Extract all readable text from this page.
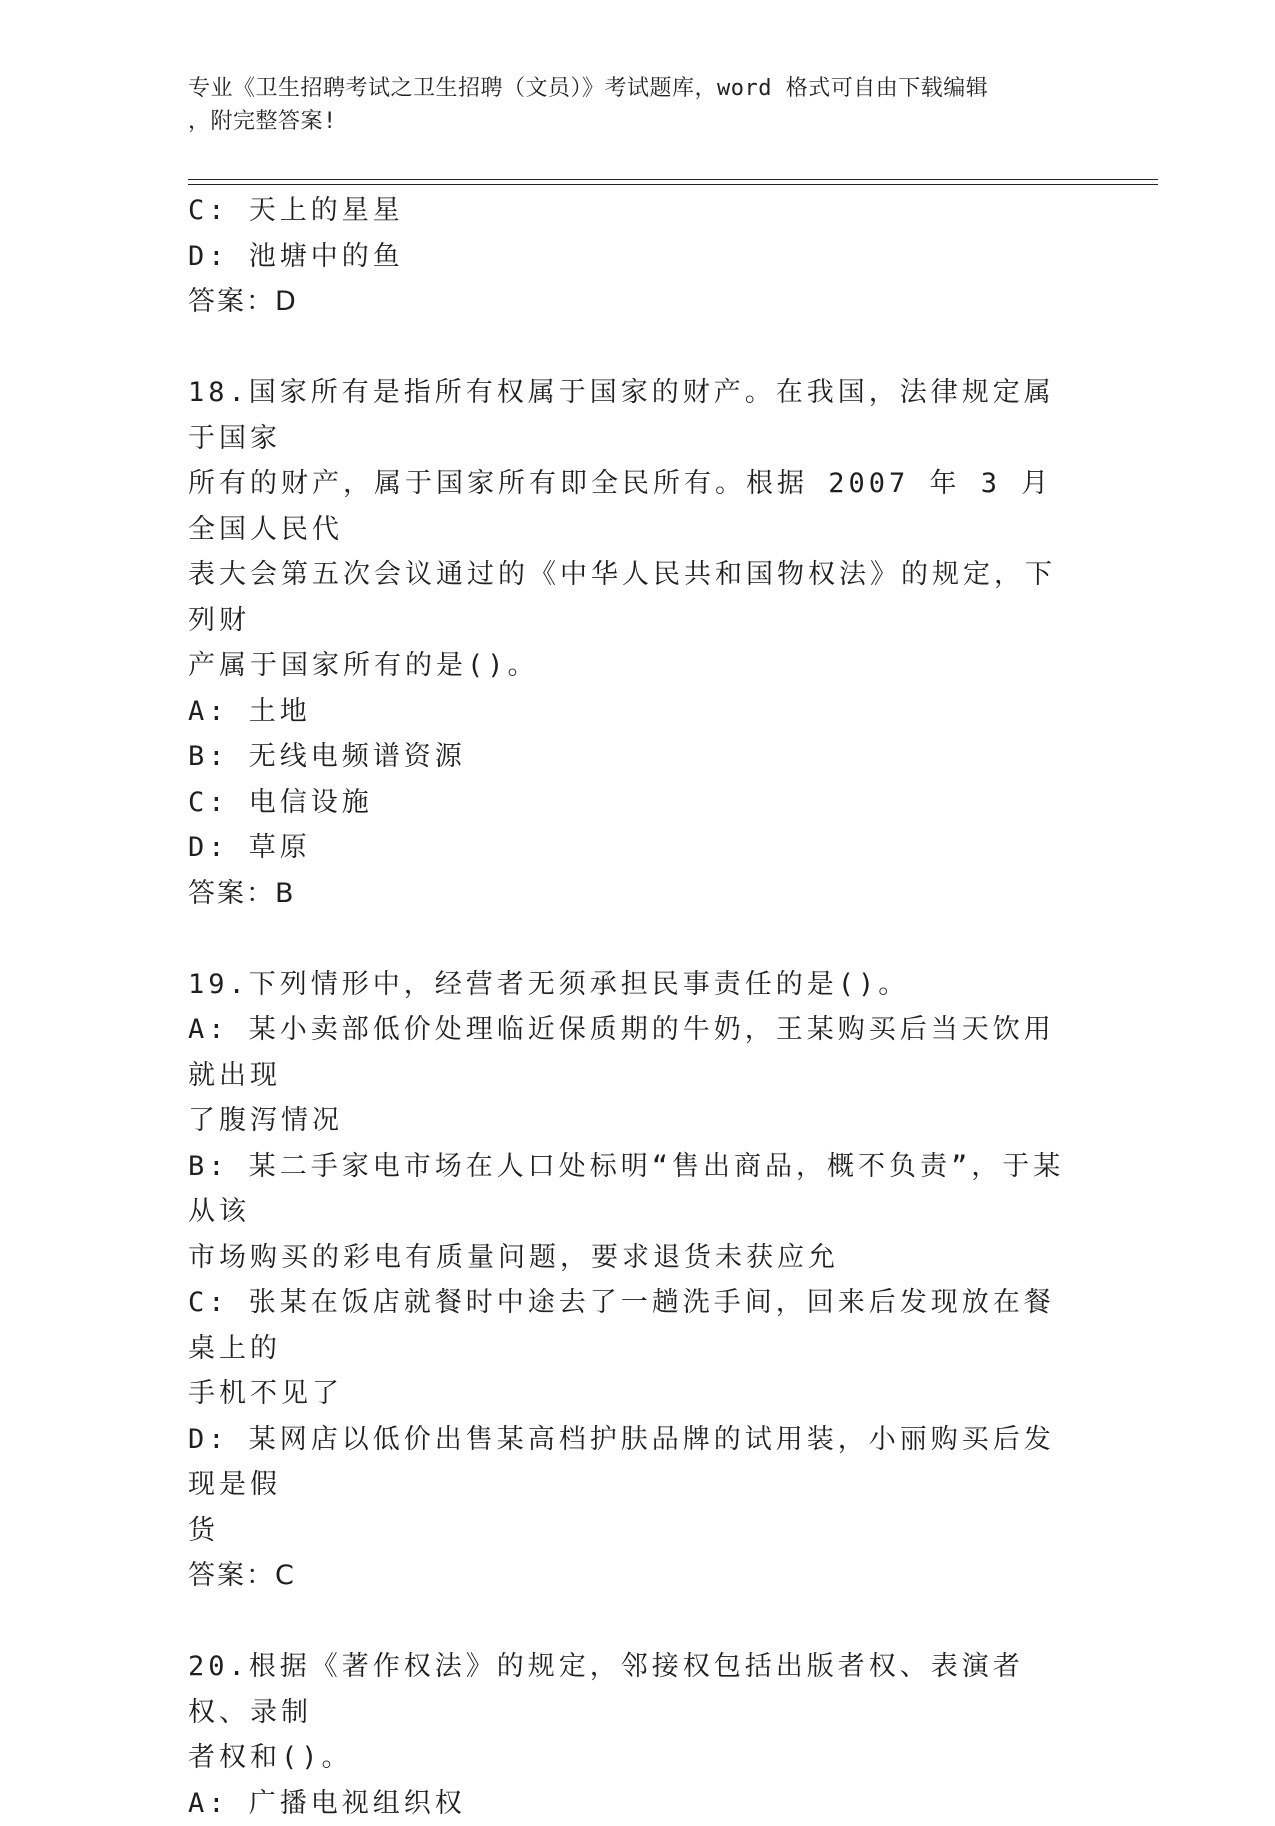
专业《卫生招聘考试之卫生招聘（文员）》考试题库，word 格式可自由下载编辑
，附完整答案!

C: 天上的星星

D: 池塘中的鱼

答案：D

18.国家所有是指所有权属于国家的财产。在我国，法律规定属于国家

所有的财产，属于国家所有即全民所有。根据 2007 年 3 月全国人民代

表大会第五次会议通过的《中华人民共和国物权法》的规定，下列财

产属于国家所有的是()。

A: 土地

B: 无线电频谱资源

C: 电信设施

D: 草原

答案：B

19.下列情形中，经营者无须承担民事责任的是()。

A: 某小卖部低价处理临近保质期的牛奶，王某购买后当天饮用就出现

了腹泻情况

B: 某二手家电市场在人口处标明“售出商品，概不负责”，于某从该

市场购买的彩电有质量问题，要求退货未获应允

C: 张某在饭店就餐时中途去了一趟洗手间，回来后发现放在餐桌上的

手机不见了

D: 某网店以低价出售某高档护肤品牌的试用装，小丽购买后发现是假

货

答案：C

20.根据《著作权法》的规定，邻接权包括出版者权、表演者权、录制

者权和()。

A: 广播电视组织权
